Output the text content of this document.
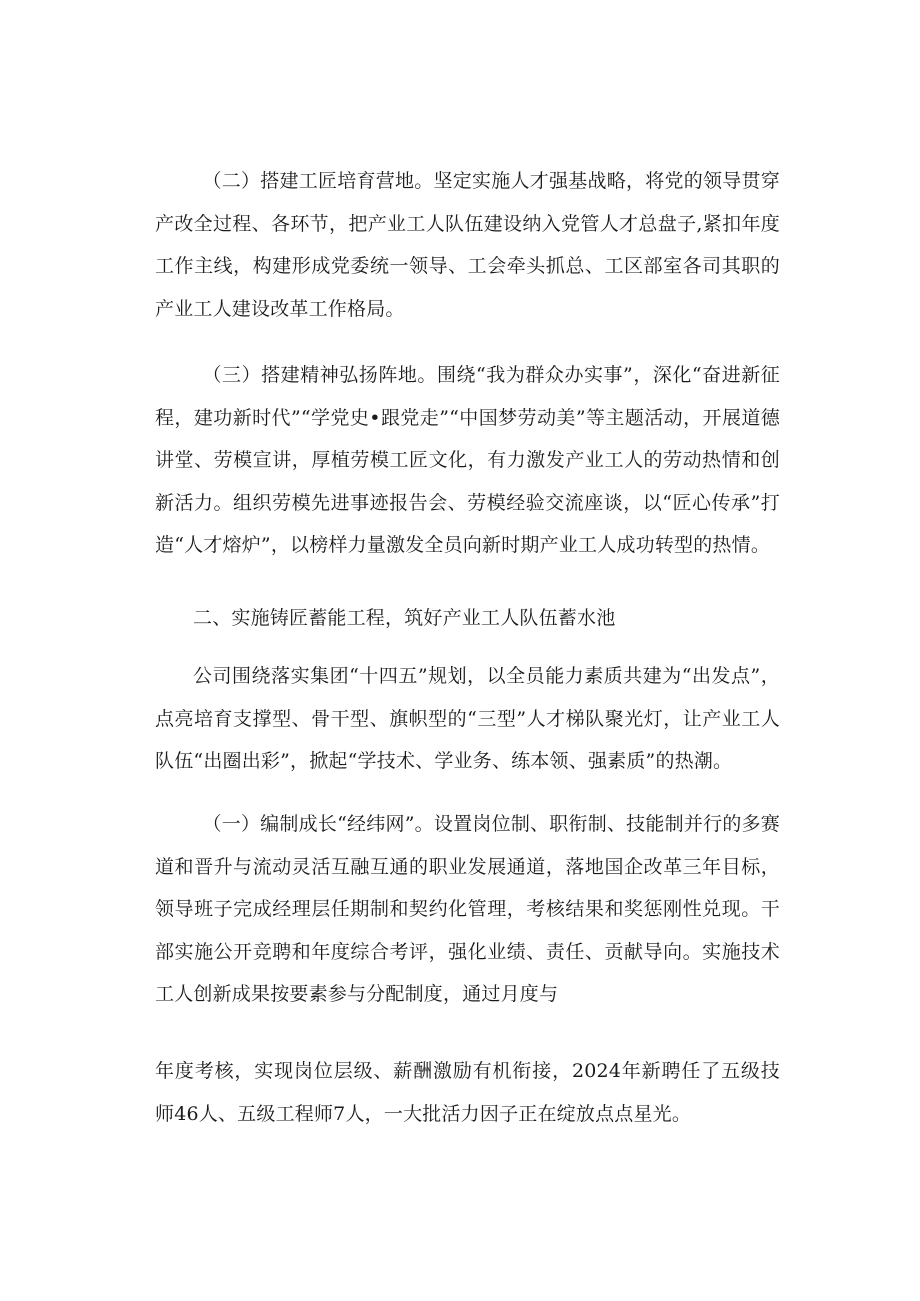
（二）搭建工匠培育营地。坚定实施人才强基战略，将党的领导贯穿产改全过程、各环节，把产业工人队伍建设纳入党管人才总盘子,紧扣年度工作主线，构建形成党委统一领导、工会牵头抓总、工区部室各司其职的产业工人建设改革工作格局。

（三）搭建精神弘扬阵地。围绕“我为群众办实事”，深化“奋进新征程，建功新时代”“学党史•跟党走”“中国梦劳动美”等主题活动，开展道德讲堂、劳模宣讲，厚植劳模工匠文化，有力激发产业工人的劳动热情和创新活力。组织劳模先进事迹报告会、劳模经验交流座谈，以“匠心传承”打造“人才熔炉”，以榜样力量激发全员向新时期产业工人成功转型的热情。

二、实施铸匠蓄能工程，筑好产业工人队伍蓄水池

公司围绕落实集团“十四五”规划，以全员能力素质共建为“出发点”，点亮培育支撑型、骨干型、旗帜型的“三型”人才梯队聚光灯，让产业工人队伍“出圈出彩”，掀起“学技术、学业务、练本领、强素质”的热潮。

（一）编制成长“经纬网”。设置岗位制、职衔制、技能制并行的多赛道和晋升与流动灵活互融互通的职业发展通道，落地国企改革三年目标，领导班子完成经理层任期制和契约化管理，考核结果和奖惩刚性兑现。干部实施公开竞聘和年度综合考评，强化业绩、责任、贡献导向。实施技术工人创新成果按要素参与分配制度，通过月度与

年度考核，实现岗位层级、薪酬激励有机衔接，2024年新聘任了五级技师46人、五级工程师7人，一大批活力因子正在绽放点点星光。
